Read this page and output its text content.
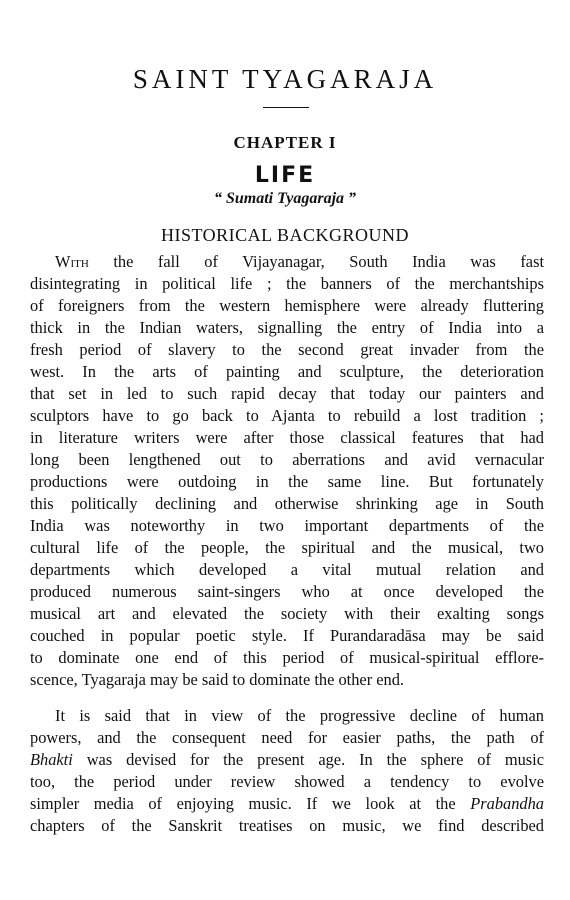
SAINT TYAGARAJA
CHAPTER I
LIFE
“ Sumati Tyagaraja ”
HISTORICAL BACKGROUND
With the fall of Vijayanagar, South India was fast
disintegrating in political life ; the banners of the merchantships
of foreigners from the western hemisphere were already fluttering
thick in the Indian waters, signalling the entry of India into a
fresh period of slavery to the second great invader from the
west. In the arts of painting and sculpture, the deterioration
that set in led to such rapid decay that today our painters and
sculptors have to go back to Ajanta to rebuild a lost tradition ;
in literature writers were after those classical features that had
long been lengthened out to aberrations and avid vernacular
productions were outdoing in the same line. But fortunately
this politically declining and otherwise shrinking age in South
India was noteworthy in two important departments of the
cultural life of the people, the spiritual and the musical, two
departments which developed a vital mutual relation and
produced numerous saint-singers who at once developed the
musical art and elevated the society with their exalting songs
couched in popular poetic style. If Purandaradāsa may be said
to dominate one end of this period of musical-spiritual efflore-
scence, Tyagaraja may be said to dominate the other end.
It is said that in view of the progressive decline of human
powers, and the consequent need for easier paths, the path of
Bhakti was devised for the present age. In the sphere of music
too, the period under review showed a tendency to evolve
simpler media of enjoying music. If we look at the Prabandha
chapters of the Sanskrit treatises on music, we find described
